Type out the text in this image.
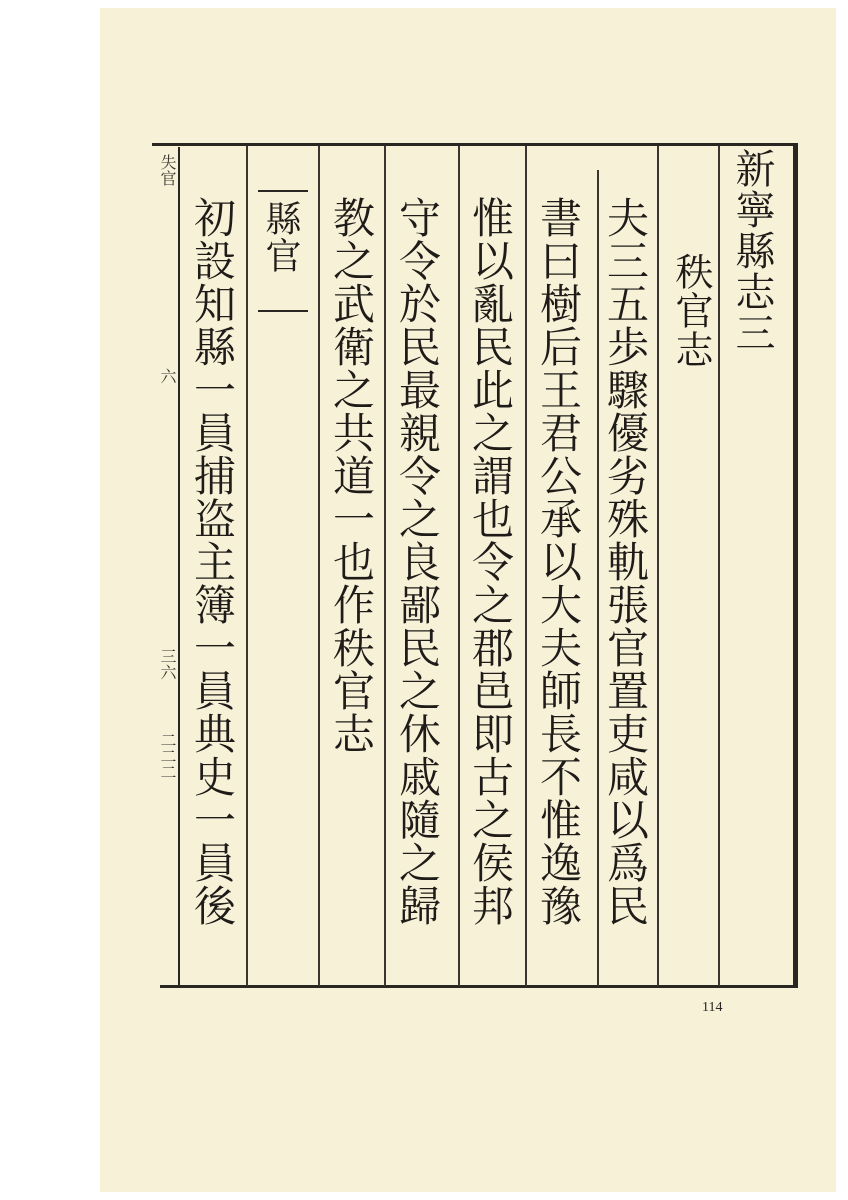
新寧縣志三
秩官志
夫三五歩驟優劣殊軌張官置吏咸以爲民
書曰樹后王君公承以大夫師長不惟逸豫
惟以亂民此之謂也令之郡邑即古之侯邦
守令於民最親令之良鄙民之休戚隨之歸
教之武衛之共道一也作秩官志
縣官
初設知縣一員捕盗主簿一員典史一員後
失官
六
三六
二二二
114
